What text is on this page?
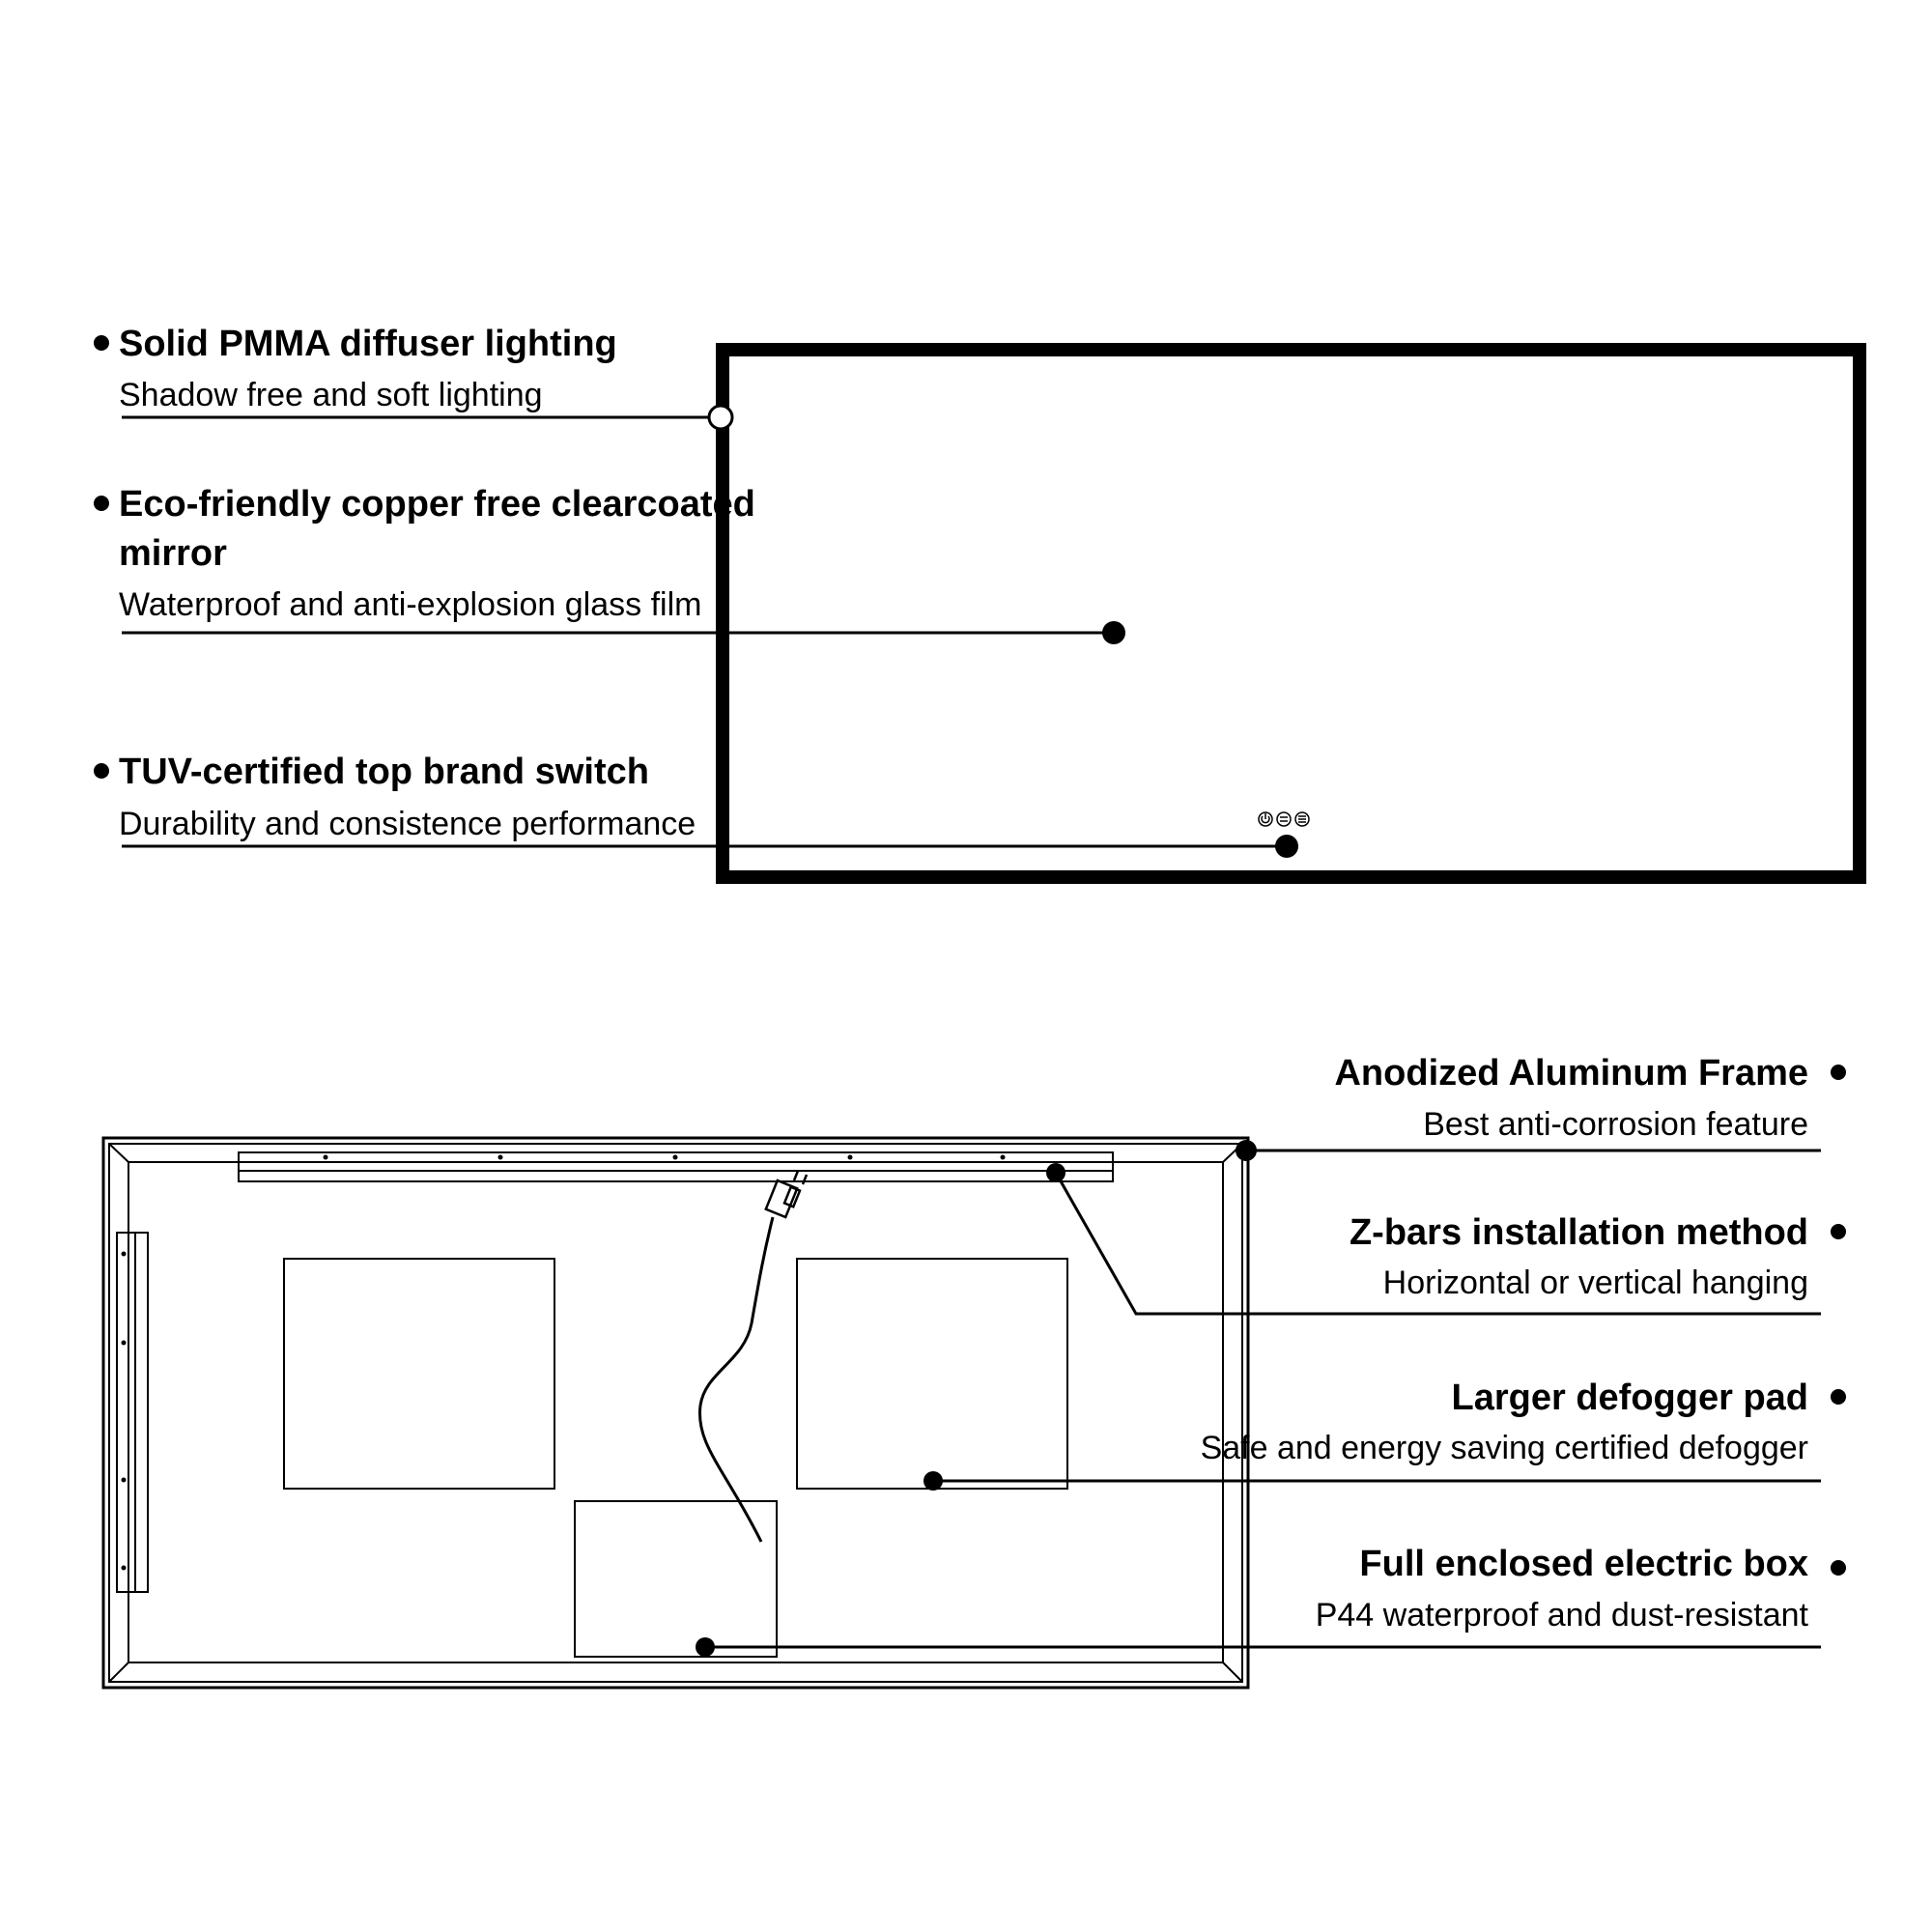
Solid PMMA diffuser lighting
Shadow free and soft lighting
Eco-friendly copper free clearcoated
mirror
Waterproof and anti-explosion glass film
TUV-certified top brand switch
Durability and consistence performance
Anodized Aluminum Frame
Best anti-corrosion feature
Z-bars installation method
Horizontal or vertical hanging
Larger defogger pad
Safe and energy saving certified defogger
Full enclosed electric box
P44 waterproof and dust-resistant
